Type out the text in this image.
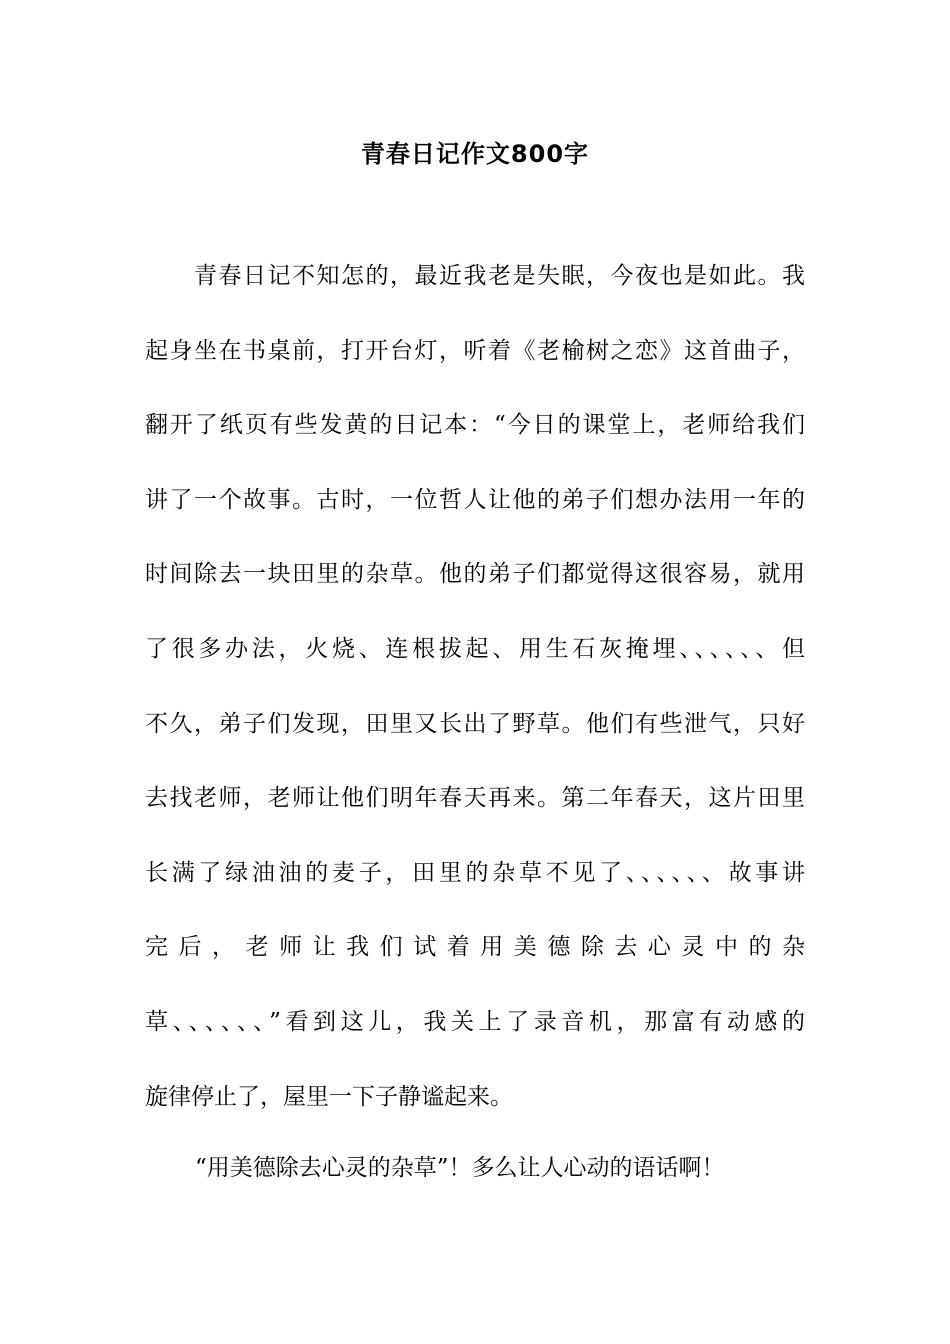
青春日记作文800字
　　青春日记不知怎的，最近我老是失眠，今夜也是如此。我
起身坐在书桌前，打开台灯，听着《老榆树之恋》这首曲子，
翻开了纸页有些发黄的日记本：“今日的课堂上，老师给我们
讲了一个故事。古时，一位哲人让他的弟子们想办法用一年的
时间除去一块田里的杂草。他的弟子们都觉得这很容易，就用
了很多办法，火烧、连根拔起、用生石灰掩埋、、、、、、但
不久，弟子们发现，田里又长出了野草。他们有些泄气，只好
去找老师，老师让他们明年春天再来。第二年春天，这片田里
长满了绿油油的麦子，田里的杂草不见了、、、、、、故事讲
完后，老师让我们试着用美德除去心灵中的杂
草、、、、、、”看到这儿，我关上了录音机，那富有动感的
旋律停止了，屋里一下子静谧起来。
“用美德除去心灵的杂草”！多么让人心动的语话啊！
